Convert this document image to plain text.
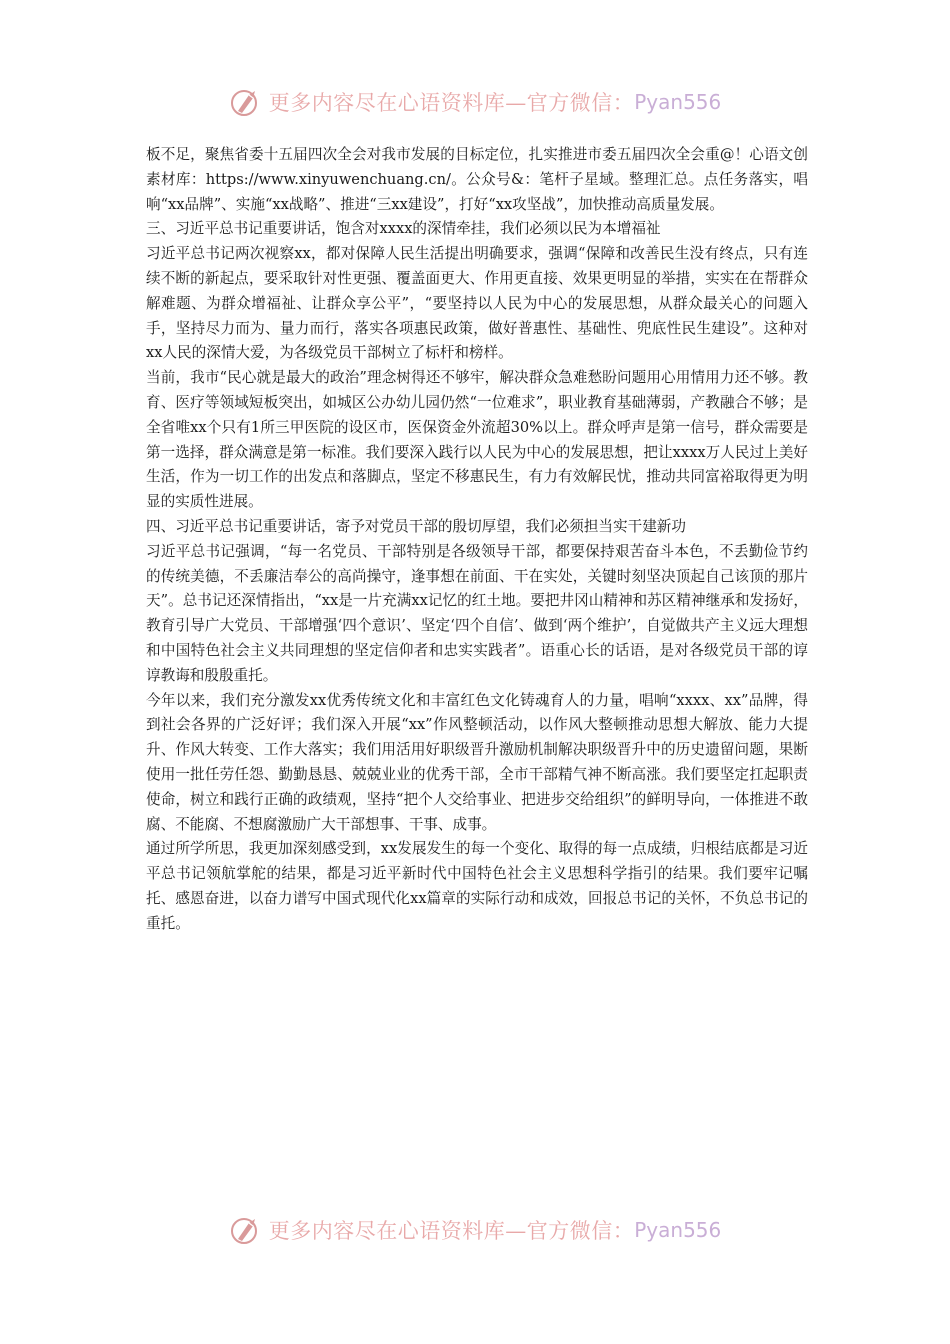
更多内容尽在心语资料库—官方微信： Pyan556

板不足，聚焦省委十五届四次全会对我市发展的目标定位，扎实推进市委五届四次全会重@！心语文创素材库：https://www.xinyuwenchuang.cn/。公众号&：笔杆子星域。整理汇总。点任务落实，唱响“xx品牌”、实施“xx战略”、推进“三xx建设”，打好“xx攻坚战”，加快推动高质量发展。

三、习近平总书记重要讲话，饱含对xxxx的深情牵挂，我们必须以民为本增福祉

习近平总书记两次视察xx，都对保障人民生活提出明确要求，强调“保障和改善民生没有终点，只有连续不断的新起点，要采取针对性更强、覆盖面更大、作用更直接、效果更明显的举措，实实在在帮群众解难题、为群众增福祉、让群众享公平”，“要坚持以人民为中心的发展思想，从群众最关心的问题入手，坚持尽力而为、量力而行，落实各项惠民政策，做好普惠性、基础性、兜底性民生建设”。这种对xx人民的深情大爱，为各级党员干部树立了标杆和榜样。

当前，我市“民心就是最大的政治”理念树得还不够牢，解决群众急难愁盼问题用心用情用力还不够。教育、医疗等领域短板突出，如城区公办幼儿园仍然“一位难求”，职业教育基础薄弱，产教融合不够；是全省唯xx个只有1所三甲医院的设区市，医保资金外流超30%以上。群众呼声是第一信号，群众需要是第一选择，群众满意是第一标准。我们要深入践行以人民为中心的发展思想，把让xxxx万人民过上美好生活，作为一切工作的出发点和落脚点，坚定不移惠民生，有力有效解民忧，推动共同富裕取得更为明显的实质性进展。

四、习近平总书记重要讲话，寄予对党员干部的殷切厚望，我们必须担当实干建新功

习近平总书记强调，“每一名党员、干部特别是各级领导干部，都要保持艰苦奋斗本色，不丢勤俭节约的传统美德，不丢廉洁奉公的高尚操守，逢事想在前面、干在实处，关键时刻坚决顶起自己该顶的那片天”。总书记还深情指出，“xx是一片充满xx记忆的红土地。要把井冈山精神和苏区精神继承和发扬好，教育引导广大党员、干部增强‘四个意识’、坚定‘四个自信’、做到‘两个维护’，自觉做共产主义远大理想和中国特色社会主义共同理想的坚定信仰者和忠实实践者”。语重心长的话语，是对各级党员干部的谆谆教诲和殷殷重托。

今年以来，我们充分激发xx优秀传统文化和丰富红色文化铸魂育人的力量，唱响“xxxx、xx”品牌，得到社会各界的广泛好评；我们深入开展“xx”作风整顿活动，以作风大整顿推动思想大解放、能力大提升、作风大转变、工作大落实；我们用活用好职级晋升激励机制解决职级晋升中的历史遗留问题，果断使用一批任劳任怨、勤勤恳恳、兢兢业业的优秀干部，全市干部精气神不断高涨。我们要坚定扛起职责使命，树立和践行正确的政绩观，坚持“把个人交给事业、把进步交给组织”的鲜明导向，一体推进不敢腐、不能腐、不想腐激励广大干部想事、干事、成事。

通过所学所思，我更加深刻感受到，xx发展发生的每一个变化、取得的每一点成绩，归根结底都是习近平总书记领航掌舵的结果，都是习近平新时代中国特色社会主义思想科学指引的结果。我们要牢记嘱托、感恩奋进，以奋力谱写中国式现代化xx篇章的实际行动和成效，回报总书记的关怀，不负总书记的重托。

更多内容尽在心语资料库—官方微信： Pyan556
